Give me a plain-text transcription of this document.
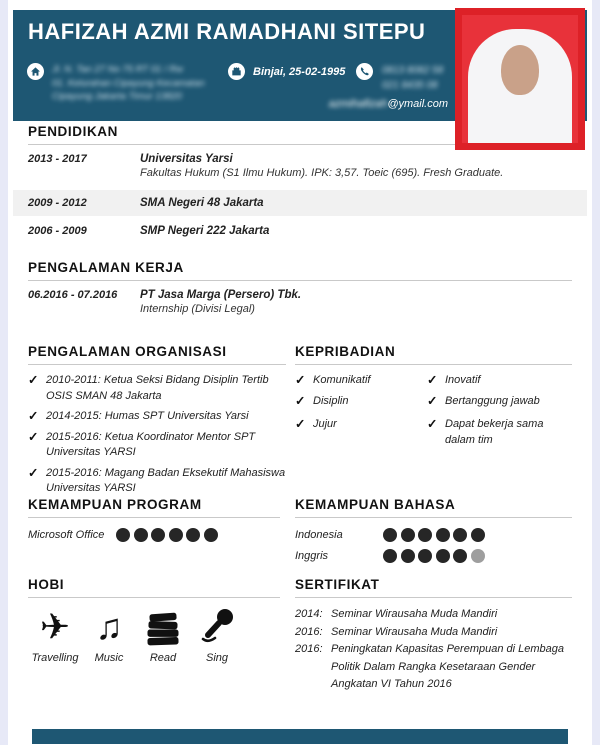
HAFIZAH AZMI RAMADHANI SITEPU
Jl. N. Tan 27 No 75 RT 01 / Rw
01. Kelurahan Cipayung Kecamatan
Cipayung Jakarta Timur 13820
Binjai, 25-02-1995	0813 8082 58
021 8435 08
azmihafizah@ymail.com
PENDIDIKAN
2013 - 2017	Universitas Yarsi
Fakultas Hukum (S1 Ilmu Hukum). IPK: 3,57. Toeic (695). Fresh Graduate.
2009 - 2012	SMA Negeri 48 Jakarta
2006 - 2009	SMP Negeri 222 Jakarta
PENGALAMAN KERJA
06.2016 - 07.2016	PT Jasa Marga (Persero) Tbk.
Internship (Divisi Legal)
PENGALAMAN ORGANISASI
✓ 2010-2011: Ketua Seksi Bidang Disiplin Tertib OSIS SMAN 48 Jakarta
✓ 2014-2015: Humas SPT Universitas Yarsi
✓ 2015-2016: Ketua Koordinator Mentor SPT Universitas YARSI
✓ 2015-2016: Magang Badan Eksekutif Mahasiswa Universitas YARSI
KEPRIBADIAN
✓ Komunikatif
✓ Disiplin
✓ Jujur
✓ Inovatif
✓ Bertanggung jawab
✓ Dapat bekerja sama dalam tim
KEMAMPUAN PROGRAM
Microsoft Office
KEMAMPUAN BAHASA
Indonesia
Inggris
HOBI
✈
Travelling
♫
Music Read	Sing
SERTIFIKAT
2014: Seminar Wirausaha Muda Mandiri
2016: Seminar Wirausaha Muda Mandiri
2016: Peningkatan Kapasitas Perempuan di Lembaga Politik Dalam Rangka Kesetaraan Gender Angkatan VI Tahun 2016
